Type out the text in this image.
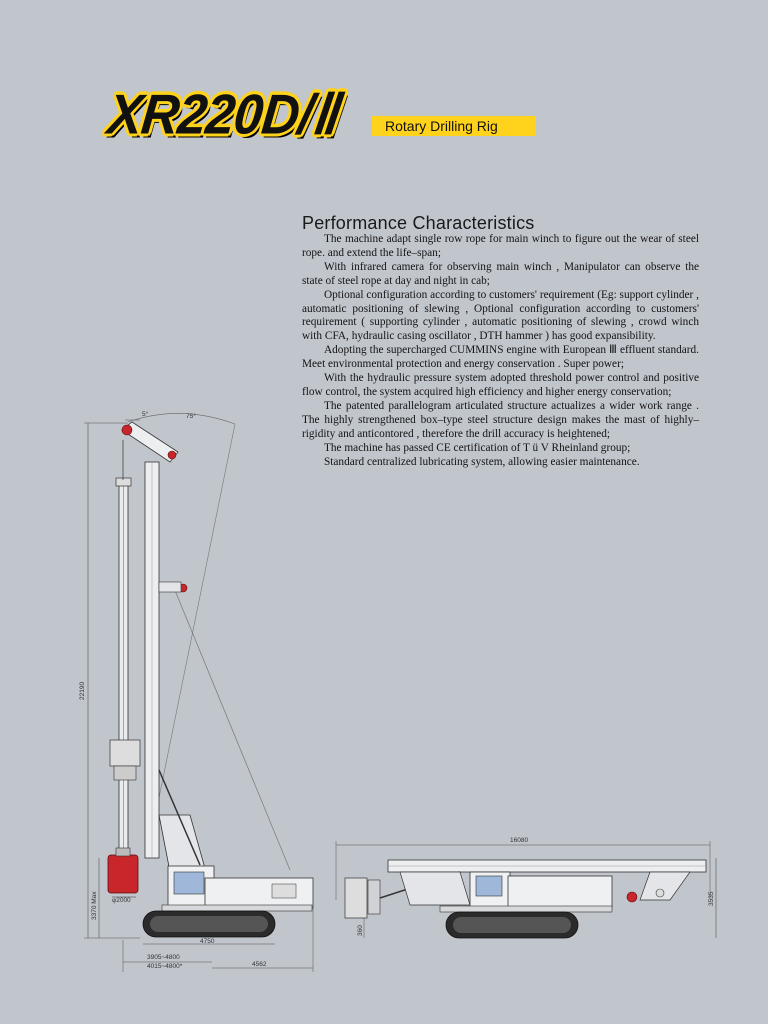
XR220D/Ⅱ	Rotary Drilling Rig
Performance Characteristics

The machine adapt single row rope for main winch to figure out the wear of steel rope. and extend the life–span;

With infrared camera for observing main winch , Manipulator can observe the state of steel rope at day and night in cab;

Optional configuration according to customers' requirement (Eg: support cylinder , automatic positioning of slewing , Optional configuration according to customers' requirement ( supporting cylinder , automatic positioning of slewing , crowd winch with CFA, hydraulic casing oscillator , DTH hammer ) has good expansibility.

Adopting the supercharged CUMMINS engine with European Ⅲ effluent standard. Meet environmental protection and energy conservation . Super power;

With the hydraulic pressure system adopted threshold power control and positive flow control, the system acquired high efficiency and higher energy conservation;

The patented parallelogram articulated structure actualizes a wider work range . The highly strengthened box–type steel structure design makes the mast of highly–rigidity and anticontored , therefore the drill accuracy is heightened;

The machine has passed CE certification of T ü V Rheinland group;

Standard centralized lubricating system, allowing easier maintenance.

5°	75°
22190
3370 Max φ2000
4750
3905~4800
4015~4800*	4562
16080
3535
360
